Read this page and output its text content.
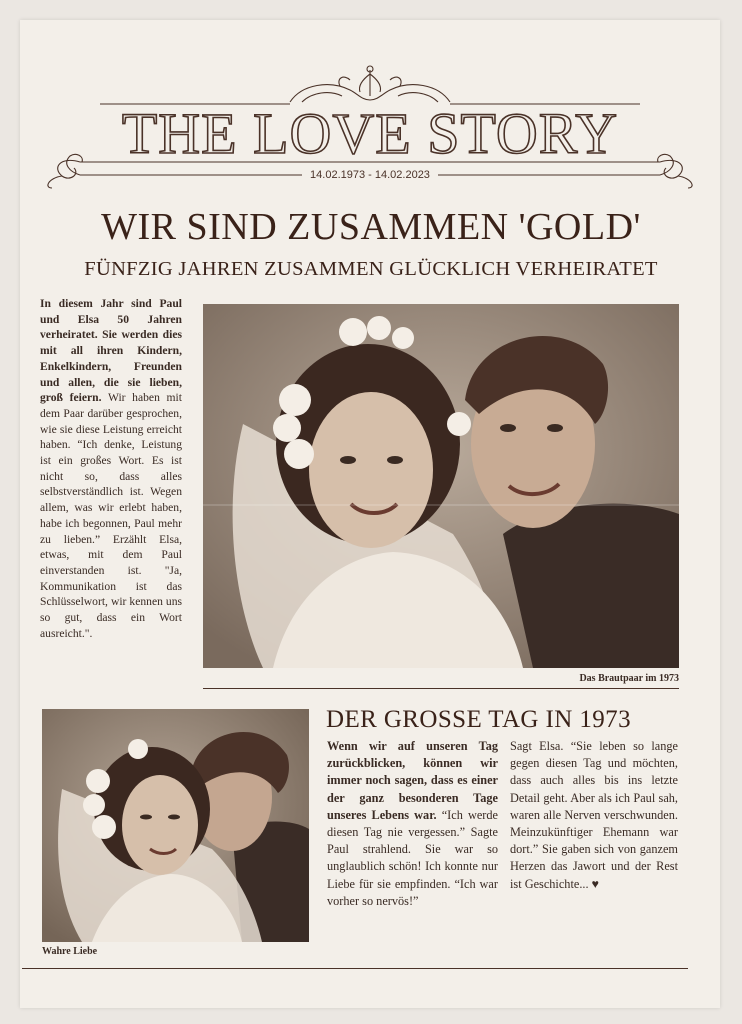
THE LOVE STORY
14.02.1973 - 14.02.2023
WIR SIND ZUSAMMEN 'GOLD'
FÜNFZIG JAHREN ZUSAMMEN GLÜCKLICH VERHEIRATET
In diesem Jahr sind Paul und Elsa 50 Jahren verheiratet. Sie werden dies mit all ihren Kindern, Enkelkindern, Freunden und allen, die sie lieben, groß feiern. Wir haben mit dem Paar darüber gesprochen, wie sie diese Leistung erreicht haben. “Ich denke, Leistung ist ein großes Wort. Es ist nicht so, dass alles selbstverständlich ist. Wegen allem, was wir erlebt haben, habe ich begonnen, Paul mehr zu lieben.” Erzählt Elsa, etwas, mit dem Paul einverstanden ist. "Ja, Kommunikation ist das Schlüsselwort, wir kennen uns so gut, dass ein Wort ausreicht.".
Das Brautpaar im 1973
Wahre Liebe
DER GROSSE TAG IN 1973
Wenn wir auf unseren Tag zurückblicken, können wir immer noch sagen, dass es einer der ganz besonderen Tage unseres Lebens war. “Ich werde diesen Tag nie vergessen.” Sagte Paul strahlend. Sie war so unglaublich schön! Ich konnte nur Liebe für sie empfinden. “Ich war vorher so nervös!”
Sagt Elsa. “Sie leben so lange gegen diesen Tag und möchten, dass auch alles bis ins letzte Detail geht. Aber als ich Paul sah, waren alle Nerven verschwunden. Meinzukünftiger Ehemann war dort.” Sie gaben sich von ganzem Herzen das Jawort und der Rest ist Geschichte... ♥
